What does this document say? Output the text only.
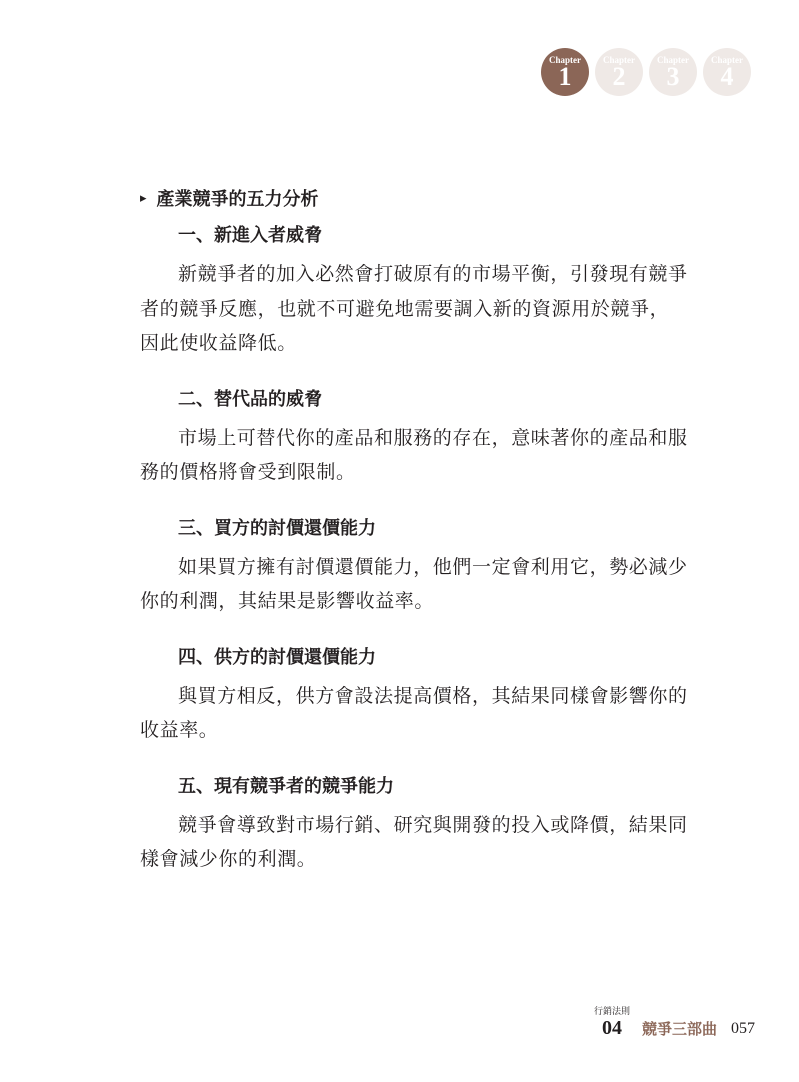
Chapter
1
Chapter
2
Chapter
3
Chapter
4
▸ 產業競爭的五力分析
一、新進入者威脅

新競爭者的加入必然會打破原有的市場平衡，引發現有競爭者的競爭反應，也就不可避免地需要調入新的資源用於競爭，因此使收益降低。

二、替代品的威脅

市場上可替代你的產品和服務的存在，意味著你的產品和服務的價格將會受到限制。

三、買方的討價還價能力

如果買方擁有討價還價能力，他們一定會利用它，勢必減少你的利潤，其結果是影響收益率。

四、供方的討價還價能力

與買方相反，供方會設法提高價格，其結果同樣會影響你的收益率。

五、現有競爭者的競爭能力

競爭會導致對市場行銷、研究與開發的投入或降價，結果同樣會減少你的利潤。

行銷法則
04 競爭三部曲 057
